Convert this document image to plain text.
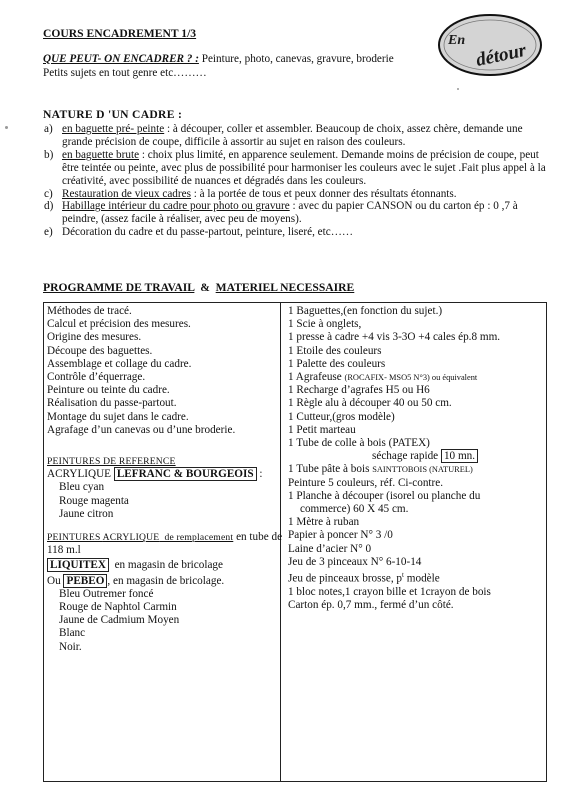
COURS ENCADREMENT 1/3	En détour
QUE PEUT- ON ENCADRER ? : Peinture, photo, canevas, gravure, broderie
Petits sujets en tout genre etc………
NATURE D 'UN CADRE :
a) en baguette pré- peinte : à découper, coller et assembler. Beaucoup de choix, assez chère, demande une
grande précision de coupe, difficile à assortir au sujet en raison des couleurs.
b) en baguette brute : choix plus limité, en apparence seulement. Demande moins de précision de coupe, peut
être teintée ou peinte, avec plus de possibilité pour harmoniser les couleurs avec le sujet .Fait plus appel à la
créativité, avec possibilité de nuances et dégradés dans les couleurs.
c) Restauration de vieux cadres : à la portée de tous et peux donner des résultats étonnants.
d) Habillage intérieur du cadre pour photo ou gravure : avec du papier CANSON ou du carton ép : 0 ,7 à
peindre, (assez facile à réaliser, avec peu de moyens).
e) Décoration du cadre et du passe-partout, peinture, liseré, etc……
PROGRAMME DE TRAVAIL  &  MATERIEL NECESSAIRE
Méthodes de tracé.
Calcul et précision des mesures.
Origine des mesures.
Découpe des baguettes.
Assemblage et collage du cadre.
Contrôle d’équerrage.
Peinture ou teinte du cadre.
Réalisation du passe-partout.
Montage du sujet dans le cadre.
Agrafage d’un canevas ou d’une broderie.
PEINTURES DE REFERENCE
ACRYLIQUE LEFRANC & BOURGEOIS :
Bleu cyan
Rouge magenta
Jaune citron
PEINTURES ACRYLIQUE  de remplacement en tube de
118 m.l
LIQUITEX  en magasin de bricolage
Ou PEBEO , en magasin de bricolage.
Bleu Outremer foncé
Rouge de Naphtol Carmin
Jaune de Cadmium Moyen
Blanc
Noir.
1 Baguettes,(en fonction du sujet.)
1 Scie à onglets,
1 presse à cadre +4 vis 3-3O +4 cales ép.8 mm.
1 Etoile des couleurs
1 Palette des couleurs
1 Agrafeuse (ROCAFIX- MSO5 N°3) ou équivalent
1 Recharge d’agrafes H5 ou H6
1 Règle alu à découper 40 ou 50 cm.
1 Cutteur,(gros modèle)
1 Petit marteau
1 Tube de colle à bois (PATEX)
séchage rapide 10 mn.
1 Tube pâte à bois SAINTTOBOIS (NATUREL)
Peinture 5 couleurs, réf. Ci-contre.
1 Planche à découper (isorel ou planche du
commerce) 60 X 45 cm.
1 Mètre à ruban
Papier à poncer N° 3 /0
Laine d’acier N° 0
Jeu de 3 pinceaux N° 6-10-14
Jeu de pinceaux brosse, $p^t$ modèle
1 bloc notes,1 crayon bille et 1crayon de bois
Carton ép. 0,7 mm., fermé d’un côté.
